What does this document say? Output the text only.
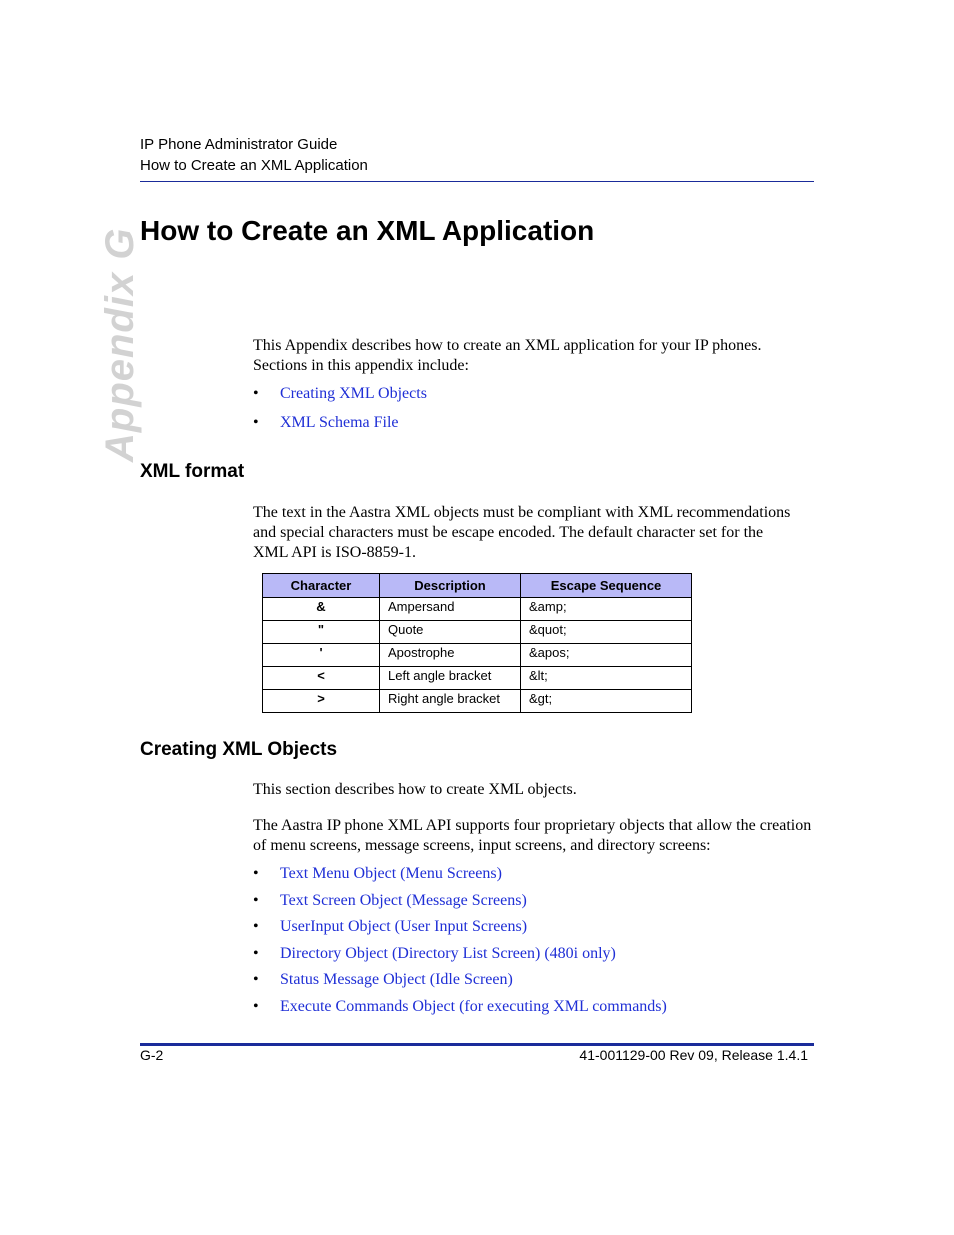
IP Phone Administrator Guide
How to Create an XML Application
Appendix G
How to Create an XML Application
This Appendix describes how to create an XML application for your IP phones. Sections in this appendix include:
• Creating XML Objects
• XML Schema File
XML format
The text in the Aastra XML objects must be compliant with XML recommendations and special characters must be escape encoded. The default character set for the XML API is ISO-8859-1.
Character	Description	Escape Sequence
&	Ampersand	&amp;
"	Quote	&quot;
'	Apostrophe	&apos;
<	Left angle bracket	&lt;
>	Right angle bracket	&gt;
Creating XML Objects
This section describes how to create XML objects.
The Aastra IP phone XML API supports four proprietary objects that allow the creation of menu screens, message screens, input screens, and directory screens:
• Text Menu Object (Menu Screens)
• Text Screen Object (Message Screens)
• UserInput Object (User Input Screens)
• Directory Object (Directory List Screen) (480i only)
• Status Message Object (Idle Screen)
• Execute Commands Object (for executing XML commands)
G-2	41-001129-00 Rev 09, Release 1.4.1
